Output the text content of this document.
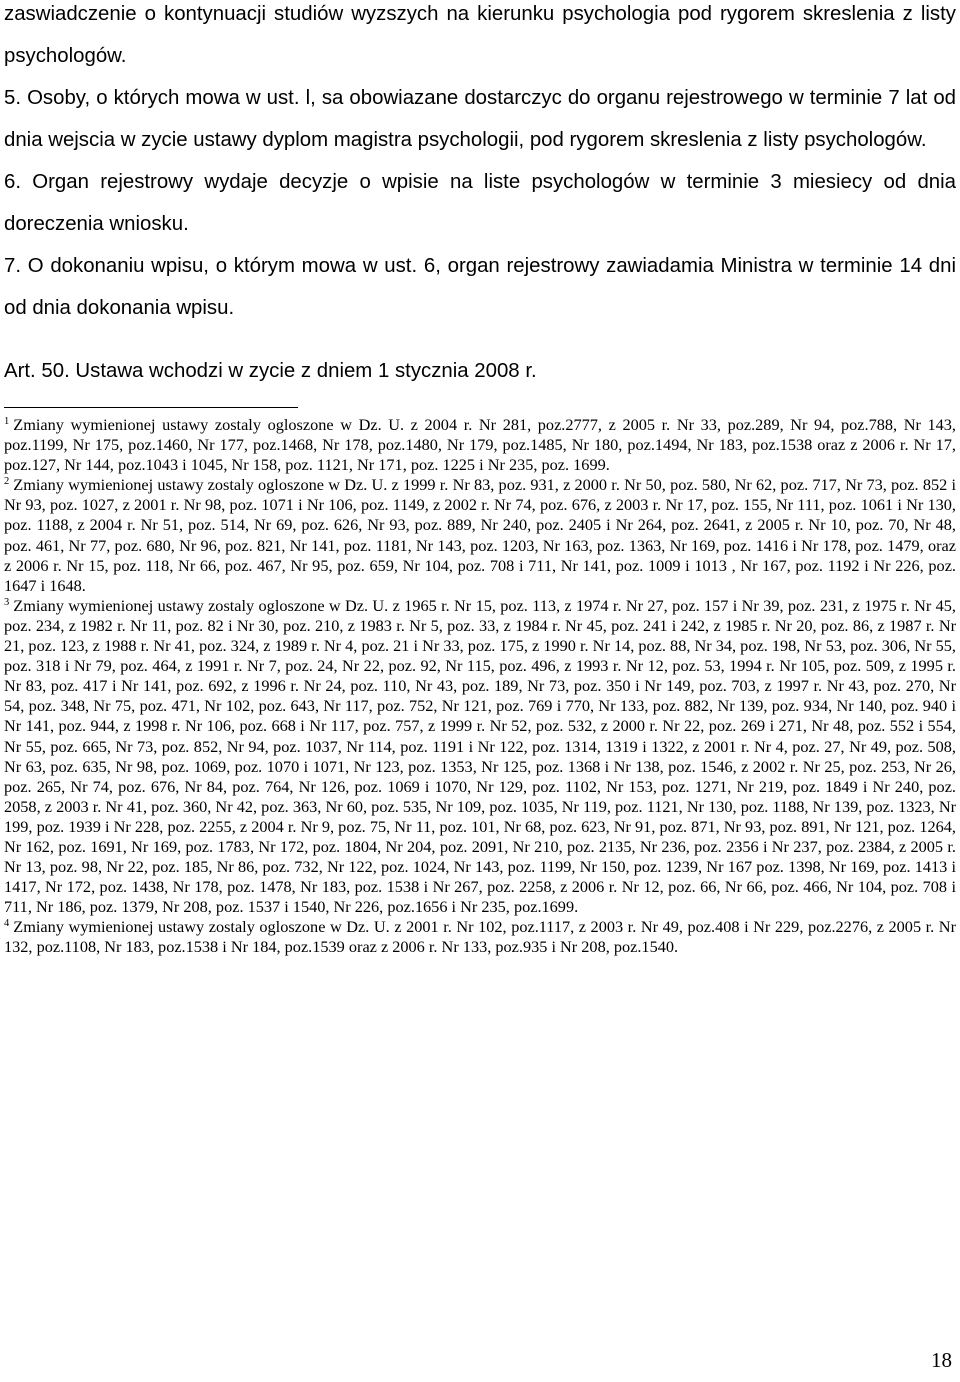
zaswiadczenie o kontynuacji studiów wyzszych na kierunku psychologia pod rygorem skreslenia z listy psychologów.

5. Osoby, o których mowa w ust. l, sa obowiazane dostarczyc do organu rejestrowego w terminie 7 lat od dnia wejscia w zycie ustawy dyplom magistra psychologii, pod rygorem skreslenia z listy psychologów.

6. Organ rejestrowy wydaje decyzje o wpisie na liste psychologów w terminie 3 miesiecy od dnia doreczenia wniosku.

7. O dokonaniu wpisu, o którym mowa w ust. 6, organ rejestrowy zawiadamia Ministra w terminie 14 dni od dnia dokonania wpisu.

Art. 50. Ustawa wchodzi w zycie z dniem 1 stycznia 2008 r.

$^1$ Zmiany wymienionej ustawy zostaly ogloszone w Dz. U. z 2004 r. Nr 281, poz.2777, z 2005 r. Nr 33, poz.289, Nr 94, poz.788, Nr 143, poz.1199, Nr 175, poz.1460, Nr 177, poz.1468, Nr 178, poz.1480, Nr 179, poz.1485, Nr 180, poz.1494, Nr 183, poz.1538 oraz z 2006 r. Nr 17, poz.127, Nr 144, poz.1043 i 1045, Nr 158, poz. 1121, Nr 171, poz. 1225 i Nr 235, poz. 1699.

$^2$ Zmiany wymienionej ustawy zostaly ogloszone w Dz. U. z 1999 r. Nr 83, poz. 931, z 2000 r. Nr 50, poz. 580, Nr 62, poz. 717, Nr 73, poz. 852 i Nr 93, poz. 1027, z 2001 r. Nr 98, poz. 1071 i Nr 106, poz. 1149, z 2002 r. Nr 74, poz. 676, z 2003 r. Nr 17, poz. 155, Nr 111, poz. 1061 i Nr 130, poz. 1188, z 2004 r. Nr 51, poz. 514, Nr 69, poz. 626, Nr 93, poz. 889, Nr 240, poz. 2405 i Nr 264, poz. 2641, z 2005 r. Nr 10, poz. 70, Nr 48, poz. 461, Nr 77, poz. 680, Nr 96, poz. 821, Nr 141, poz. 1181, Nr 143, poz. 1203, Nr 163, poz. 1363, Nr 169, poz. 1416 i Nr 178, poz. 1479, oraz z 2006 r. Nr 15, poz. 118, Nr 66, poz. 467, Nr 95, poz. 659, Nr 104, poz. 708 i 711, Nr 141, poz. 1009 i 1013 , Nr 167, poz. 1192 i Nr 226, poz. 1647 i 1648.

$^3$ Zmiany wymienionej ustawy zostaly ogloszone w Dz. U. z 1965 r. Nr 15, poz. 113, z 1974 r. Nr 27, poz. 157 i Nr 39, poz. 231, z 1975 r. Nr 45, poz. 234, z 1982 r. Nr 11, poz. 82 i Nr 30, poz. 210, z 1983 r. Nr 5, poz. 33, z 1984 r. Nr 45, poz. 241 i 242, z 1985 r. Nr 20, poz. 86, z 1987 r. Nr 21, poz. 123, z 1988 r. Nr 41, poz. 324, z 1989 r. Nr 4, poz. 21 i Nr 33, poz. 175, z 1990 r. Nr 14, poz. 88, Nr 34, poz. 198, Nr 53, poz. 306, Nr 55, poz. 318 i Nr 79, poz. 464, z 1991 r. Nr 7, poz. 24, Nr 22, poz. 92, Nr 115, poz. 496, z 1993 r. Nr 12, poz. 53, 1994 r. Nr 105, poz. 509, z 1995 r. Nr 83, poz. 417 i Nr 141, poz. 692, z 1996 r. Nr 24, poz. 110, Nr 43, poz. 189, Nr 73, poz. 350 i Nr 149, poz. 703, z 1997 r. Nr 43, poz. 270, Nr 54, poz. 348, Nr 75, poz. 471, Nr 102, poz. 643, Nr 117, poz. 752, Nr 121, poz. 769 i 770, Nr 133, poz. 882, Nr 139, poz. 934, Nr 140, poz. 940 i Nr 141, poz. 944, z 1998 r. Nr 106, poz. 668 i Nr 117, poz. 757, z 1999 r. Nr 52, poz. 532, z 2000 r. Nr 22, poz. 269 i 271, Nr 48, poz. 552 i 554, Nr 55, poz. 665, Nr 73, poz. 852, Nr 94, poz. 1037, Nr 114, poz. 1191 i Nr 122, poz. 1314, 1319 i 1322, z 2001 r. Nr 4, poz. 27, Nr 49, poz. 508, Nr 63, poz. 635, Nr 98, poz. 1069, poz. 1070 i 1071, Nr 123, poz. 1353, Nr 125, poz. 1368 i Nr 138, poz. 1546, z 2002 r. Nr 25, poz. 253, Nr 26, poz. 265, Nr 74, poz. 676, Nr 84, poz. 764, Nr 126, poz. 1069 i 1070, Nr 129, poz. 1102, Nr 153, poz. 1271, Nr 219, poz. 1849 i Nr 240, poz. 2058, z 2003 r. Nr 41, poz. 360, Nr 42, poz. 363, Nr 60, poz. 535, Nr 109, poz. 1035, Nr 119, poz. 1121, Nr 130, poz. 1188, Nr 139, poz. 1323, Nr 199, poz. 1939 i Nr 228, poz. 2255, z 2004 r. Nr 9, poz. 75, Nr 11, poz. 101, Nr 68, poz. 623, Nr 91, poz. 871, Nr 93, poz. 891, Nr 121, poz. 1264, Nr 162, poz. 1691, Nr 169, poz. 1783, Nr 172, poz. 1804, Nr 204, poz. 2091, Nr 210, poz. 2135, Nr 236, poz. 2356 i Nr 237, poz. 2384, z 2005 r. Nr 13, poz. 98, Nr 22, poz. 185, Nr 86, poz. 732, Nr 122, poz. 1024, Nr 143, poz. 1199, Nr 150, poz. 1239, Nr 167 poz. 1398, Nr 169, poz. 1413 i 1417, Nr 172, poz. 1438, Nr 178, poz. 1478, Nr 183, poz. 1538 i Nr 267, poz. 2258, z 2006 r. Nr 12, poz. 66, Nr 66, poz. 466, Nr 104, poz. 708 i 711, Nr 186, poz. 1379, Nr 208, poz. 1537 i 1540, Nr 226, poz.1656 i Nr 235, poz.1699.

$^4$ Zmiany wymienionej ustawy zostaly ogloszone w Dz. U. z 2001 r. Nr 102, poz.1117, z 2003 r. Nr 49, poz.408 i Nr 229, poz.2276, z 2005 r. Nr 132, poz.1108, Nr 183, poz.1538 i Nr 184, poz.1539 oraz z 2006 r. Nr 133, poz.935 i Nr 208, poz.1540.

18
